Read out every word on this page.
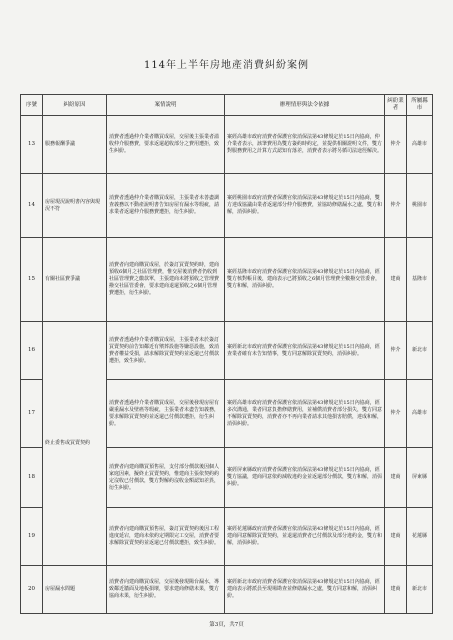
114年上半年房地產消費糾紛案例
序號	糾紛原因	案情說明	辦理情形與法令依據	糾紛業者	所屬縣市
13	服務報酬爭議	消費者透過仲介業者購買成屋，交屋後主張業者溢收仲介服務費，要求返還超收部分之費用遭拒，致生糾紛。	案經高雄市政府消費者保護官依消保法第43條規定於15日內協商，仲介業者表示，該筆費用為雙方簽約時約定，並提供相關證明文件，雙方對服務費用之計算方式認知有落差，消費者表示將另循司法途徑解決。	仲介	高雄市
14	房屋現況說明書內容與現況不符	消費者透過仲介業者購買成屋，主張業者未善盡調查義務以不動產說明書告知房屋有漏水等瑕疵，請求業者返還仲介服務費遭拒，衍生糾紛。	案經桃園市政府消費者保護官依消保法第43條規定於15日內協商，雙方達成協議由業者返還部分仲介服務費，並協助修繕漏水之處，雙方和解，消弭糾紛。	仲介	桃園市
15	有關社區費爭議	消費者向建商購買成屋，於簽訂買賣契約時，建商預收6個月之社區管理費，惟交屋後消費者仍收到社區管理費之繳款單，主張建商未將預收之管理費撥交社區管委會，要求建商退還預收之6個月管理費遭拒，衍生糾紛。	案經基隆市政府消費者保護官依消保法第43條規定於15日內協商，經雙方核對帳目後，建商表示已將預收之6個月管理費全數撥交管委會，雙方和解，消弭糾紛。	建商	基隆市
16	終止委售或買賣契約	消費者透過仲介業者購買成屋，主張業者未於簽訂買賣契約前告知鄰近有殯葬設施等嫌惡設施，致消費者權益受損，請求解除買賣契約並返還已付價款遭拒，致生糾紛。	案經新北市政府消費者保護官依消保法第43條規定於15日內協商，經查業者確有未告知情事，雙方同意解除買賣契約，消弭糾紛。	仲介	新北市
17		消費者透過仲介業者購買成屋，交屋後發現房屋有嚴重漏水及壁癌等瑕疵，主張業者未盡告知義務，要求解除買賣契約並返還已付價款遭拒，衍生糾紛。	案經高雄市政府消費者保護官依消保法第43條規定於15日內協商，經多次溝通，業者同意負擔修繕費用，並補償消費者部分損失，雙方同意不解除買賣契約，消費者亦不再向業者請求其他損害賠償，達成和解，消弭糾紛。	仲介	高雄市
18		消費者向建商購買預售屋，支付部分價款後因個人家庭因素，擬終止買賣契約，惟建商主張依契約約定沒收已付價款，雙方對解約沒收金額認知差異，衍生糾紛。	案經屏東縣政府消費者保護官依消保法第43條規定於15日內協商，經雙方協議，建商同意依約減收違約金並返還部分價款，雙方和解，消弭糾紛。	建商	屏東縣
19		消費者向建商購買預售屋，簽訂買賣契約後因工程進度延宕，建商未依約定期限完工交屋，消費者要求解除買賣契約並返還已付價款遭拒，致生糾紛。	案經花蓮縣政府消費者保護官依消保法第43條規定於15日內協商，經建商同意解除買賣契約，並退還消費者已付價款及部分違約金，雙方和解，消弭糾紛。	建商	花蓮縣
20	房屋漏水問題	消費者向建商購買成屋，交屋後發現陽台漏水，導致鄰近牆面及地板損壞，要求建商修繕未果，雙方協商未果，衍生糾紛。	案經新北市政府消費者保護官依消保法第43條規定於15日內協商，經建商表示將派員至現場勘查並修繕漏水之處，雙方同意和解，消弭糾紛。	建商	新北市
第3頁，共7頁
